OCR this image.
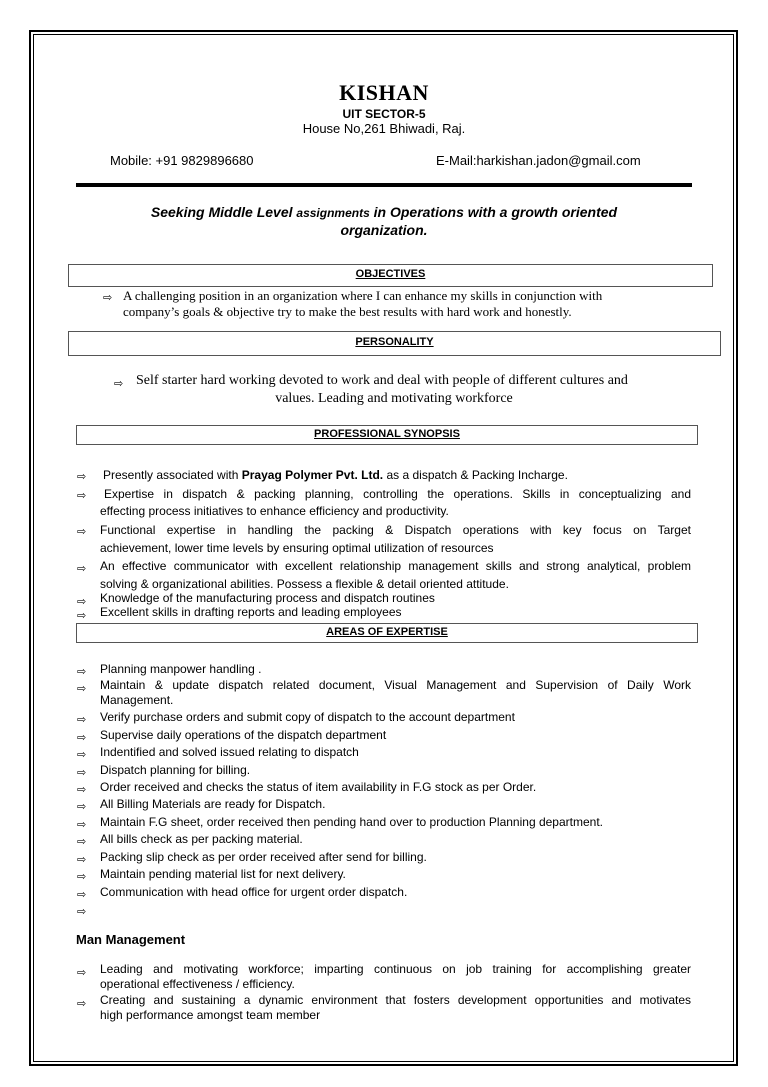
KISHAN
UIT SECTOR-5
House No,261 Bhiwadi, Raj.
Mobile: +91 9829896680	E-Mail:harkishan.jadon@gmail.com
Seeking Middle Level assignments in Operations with a growth oriented
organization.
OBJECTIVES
⇨ A challenging position in an organization where I can enhance my skills in conjunction with
company’s goals & objective try to make the best results with hard work and honestly.
PERSONALITY
⇨ Self starter hard working devoted to work and deal with people of different cultures and
values. Leading and motivating workforce
PROFESSIONAL SYNOPSIS
⇨ Presently associated with Prayag Polymer Pvt. Ltd. as a dispatch & Packing Incharge.
⇨ Expertise in dispatch & packing planning, controlling the operations. Skills in conceptualizing and
effecting process initiatives to enhance efficiency and productivity.
⇨ Functional expertise in handling the packing & Dispatch operations with key focus on Target
achievement, lower time levels by ensuring optimal utilization of resources
⇨ An effective communicator with excellent relationship management skills and strong analytical, problem
solving & organizational abilities. Possess a flexible & detail oriented attitude.
⇨ Knowledge of the manufacturing process and dispatch routines
⇨ Excellent skills in drafting reports and leading employees
AREAS OF EXPERTISE
⇨ Planning manpower handling .
⇨ Maintain & update dispatch related document, Visual Management and Supervision of Daily Work
Management.
⇨ Verify purchase orders and submit copy of dispatch to the account department
⇨ Supervise daily operations of the dispatch department
⇨ Indentified and solved issued relating to dispatch
⇨ Dispatch planning for billing.
⇨ Order received and checks the status of item availability in F.G stock as per Order.
⇨ All Billing Materials are ready for Dispatch.
⇨ Maintain F.G sheet, order received then pending hand over to production Planning department.
⇨ All bills check as per packing material.
⇨ Packing slip check as per order received after send for billing.
⇨ Maintain pending material list for next delivery.
⇨ Communication with head office for urgent order dispatch.
⇨
Man Management
⇨ Leading and motivating workforce; imparting continuous on job training for accomplishing greater
operational effectiveness / efficiency.
⇨ Creating and sustaining a dynamic environment that fosters development opportunities and motivates
high performance amongst team member
